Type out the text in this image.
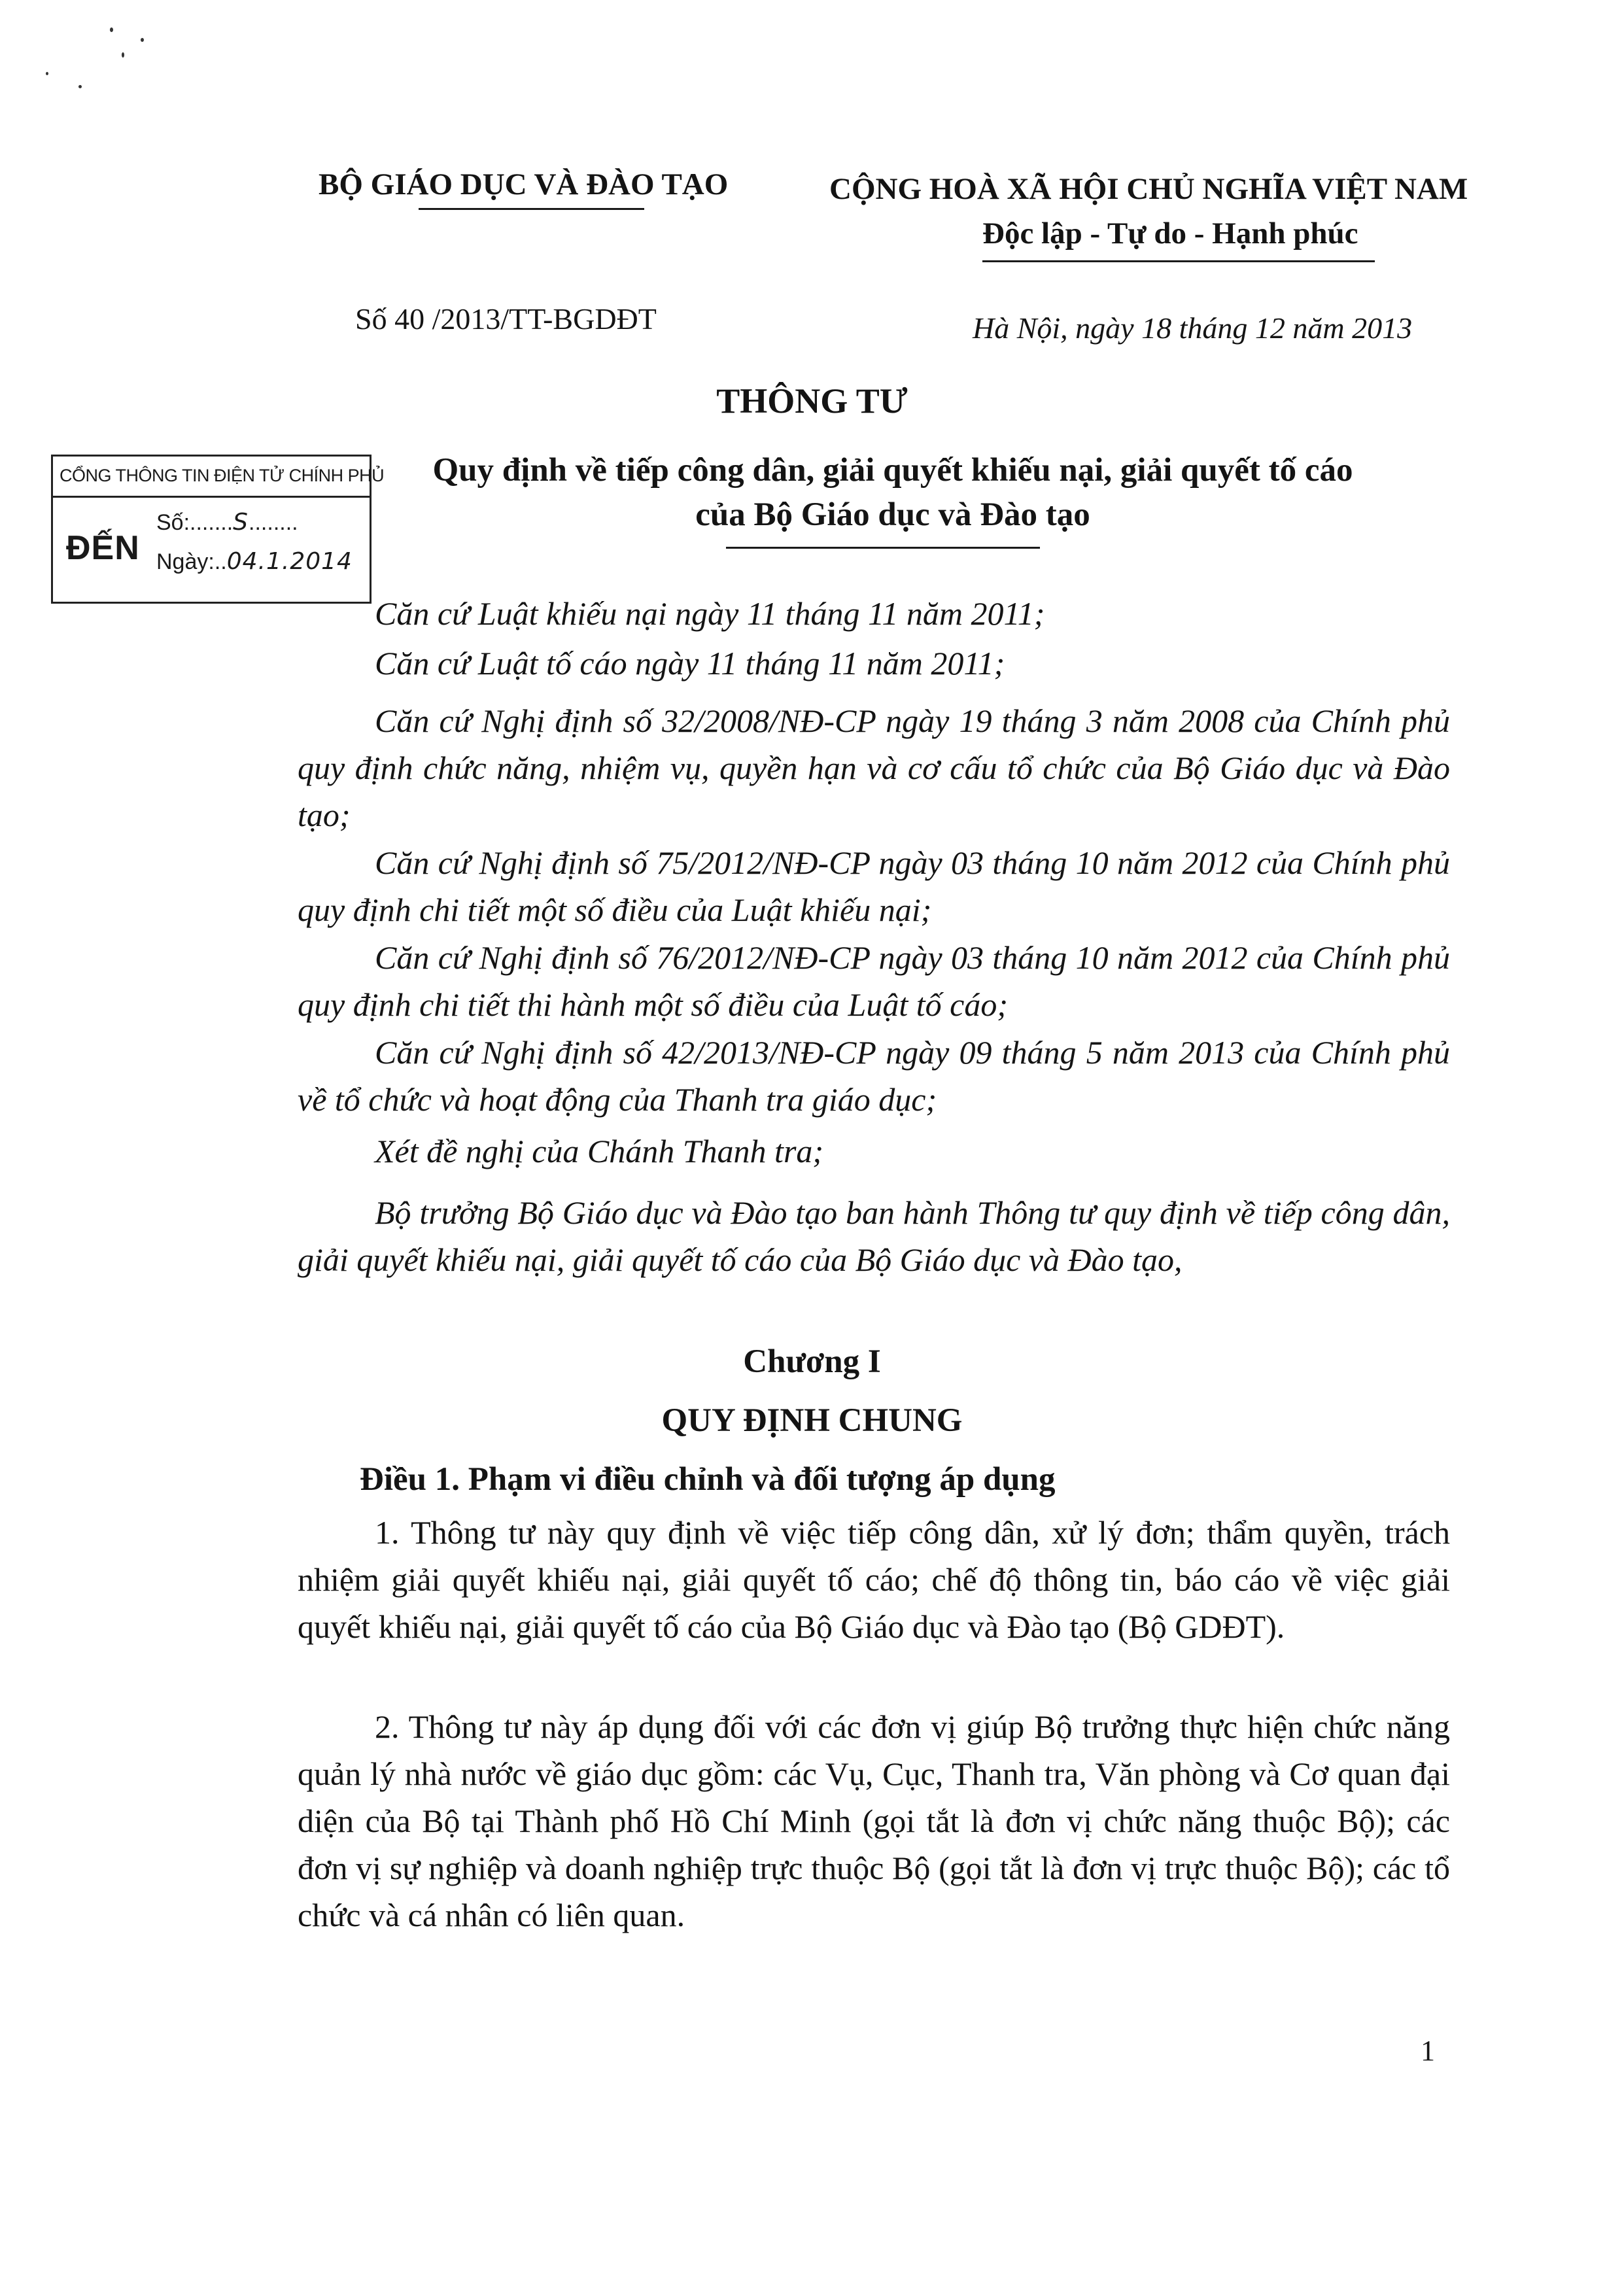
BỘ GIÁO DỤC VÀ ĐÀO TẠO	CỘNG HOÀ XÃ HỘI CHỦ NGHĨA VIỆT NAM
Độc lập - Tự do - Hạnh phúc
Số 40 /2013/TT-BGDĐT	Hà Nội, ngày 18 tháng 12 năm 2013
THÔNG TƯ
Quy định về tiếp công dân, giải quyết khiếu nại, giải quyết tố cáo
của Bộ Giáo dục và Đào tạo
CỔNG THÔNG TIN ĐIỆN TỬ CHÍNH PHỦ
ĐẾN
Số:.......S........
Ngày:..04.1.2014
Căn cứ Luật khiếu nại ngày 11 tháng 11 năm 2011;
Căn cứ Luật tố cáo ngày 11 tháng 11 năm 2011;
Căn cứ Nghị định số 32/2008/NĐ-CP ngày 19 tháng 3 năm 2008 của Chính phủ quy định chức năng, nhiệm vụ, quyền hạn và cơ cấu tổ chức của Bộ Giáo dục và Đào tạo;
Căn cứ Nghị định số 75/2012/NĐ-CP ngày 03 tháng 10 năm 2012 của Chính phủ quy định chi tiết một số điều của Luật khiếu nại;
Căn cứ Nghị định số 76/2012/NĐ-CP ngày 03 tháng 10 năm 2012 của Chính phủ quy định chi tiết thi hành một số điều của Luật tố cáo;
Căn cứ Nghị định số 42/2013/NĐ-CP ngày 09 tháng 5 năm 2013 của Chính phủ về tổ chức và hoạt động của Thanh tra giáo dục;
Xét đề nghị của Chánh Thanh tra;
Bộ trưởng Bộ Giáo dục và Đào tạo ban hành Thông tư quy định về tiếp công dân, giải quyết khiếu nại, giải quyết tố cáo của Bộ Giáo dục và Đào tạo,
Chương I
QUY ĐỊNH CHUNG
Điều 1. Phạm vi điều chỉnh và đối tượng áp dụng
1. Thông tư này quy định về việc tiếp công dân, xử lý đơn; thẩm quyền, trách nhiệm giải quyết khiếu nại, giải quyết tố cáo; chế độ thông tin, báo cáo về việc giải quyết khiếu nại, giải quyết tố cáo của Bộ Giáo dục và Đào tạo (Bộ GDĐT).
2. Thông tư này áp dụng đối với các đơn vị giúp Bộ trưởng thực hiện chức năng quản lý nhà nước về giáo dục gồm: các Vụ, Cục, Thanh tra, Văn phòng và Cơ quan đại diện của Bộ tại Thành phố Hồ Chí Minh (gọi tắt là đơn vị chức năng thuộc Bộ); các đơn vị sự nghiệp và doanh nghiệp trực thuộc Bộ (gọi tắt là đơn vị trực thuộc Bộ); các tổ chức và cá nhân có liên quan.
1
